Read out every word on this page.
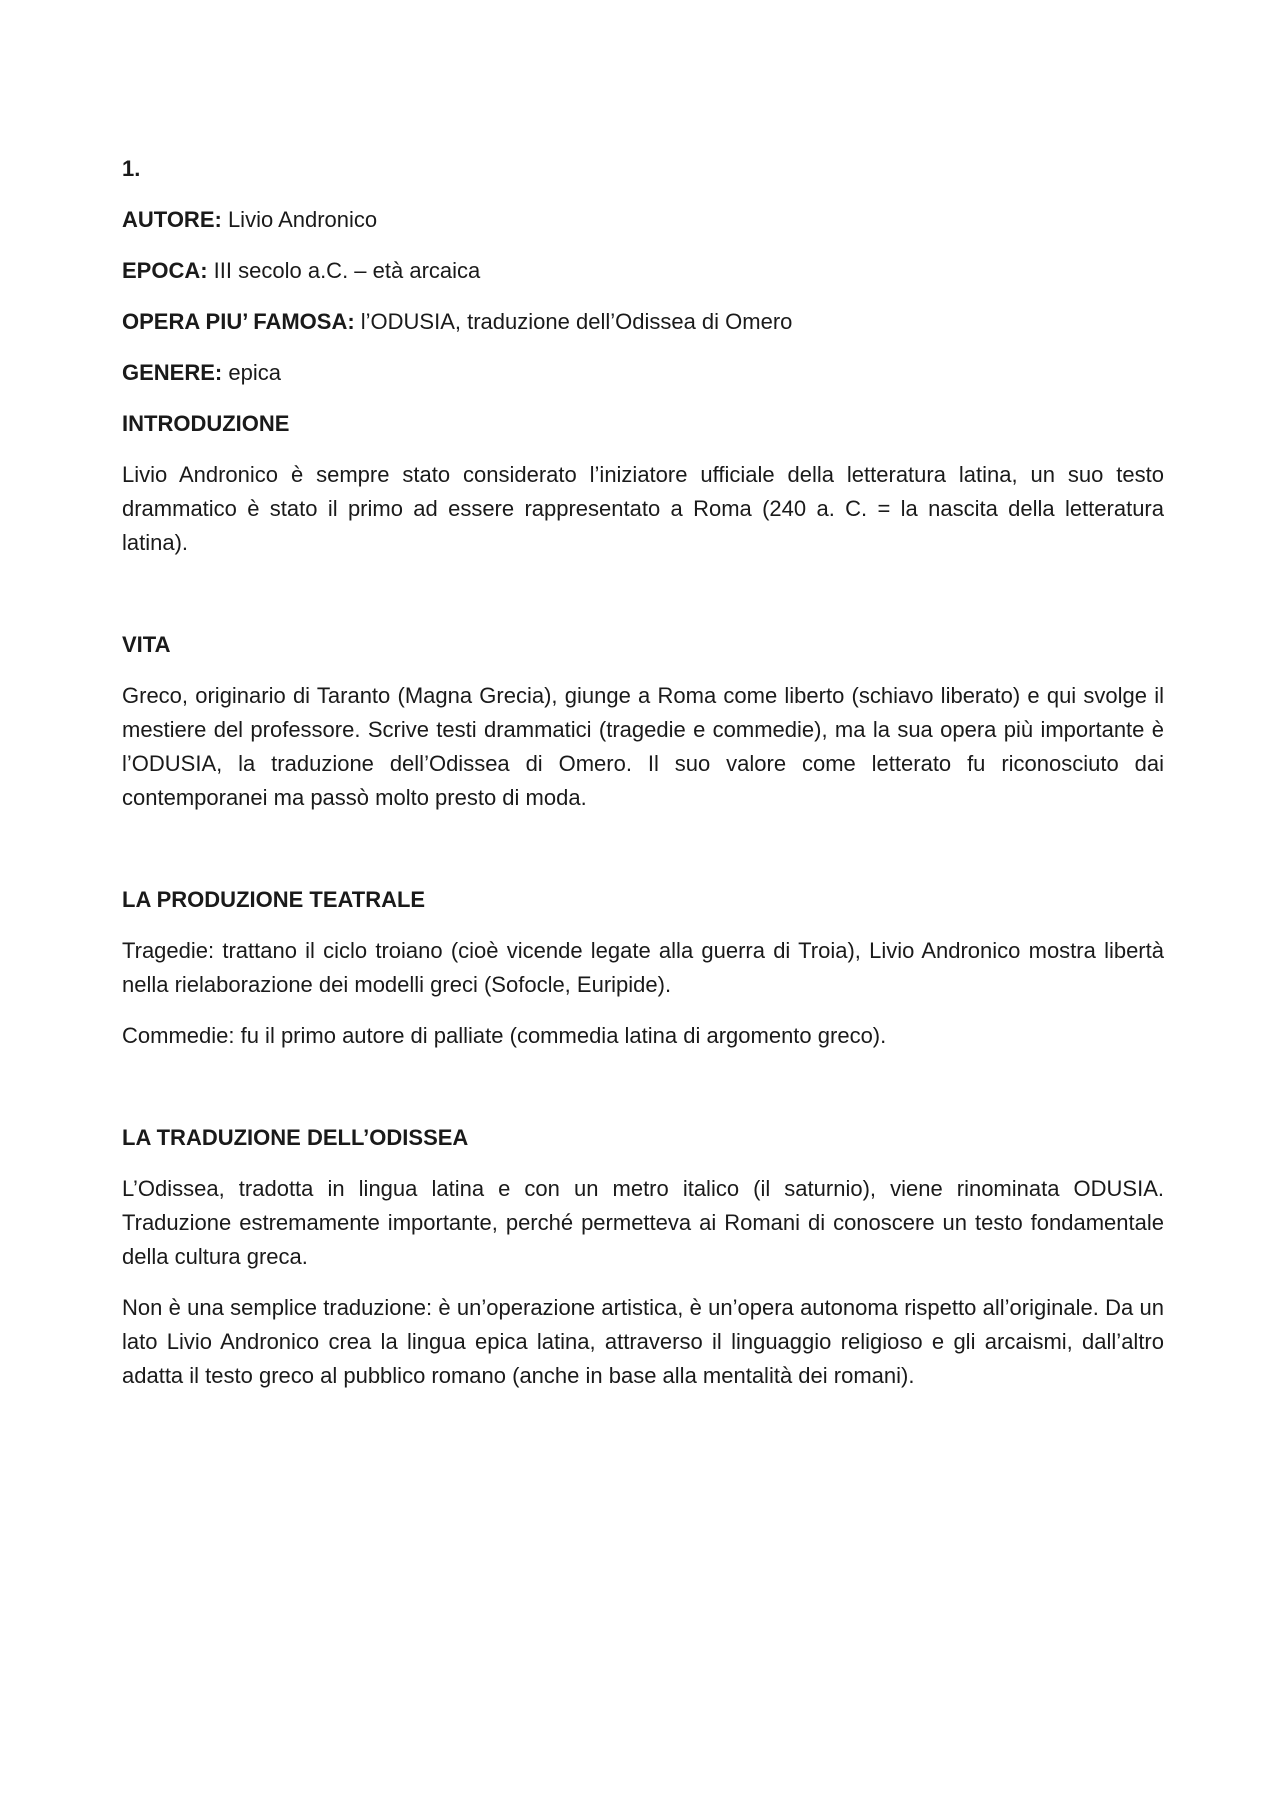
1.

AUTORE: Livio Andronico

EPOCA: III secolo a.C. – età arcaica

OPERA PIU’ FAMOSA: l’ODUSIA, traduzione dell’Odissea di Omero

GENERE: epica

INTRODUZIONE

Livio Andronico è sempre stato considerato l’iniziatore ufficiale della letteratura latina, un suo testo drammatico è stato il primo ad essere rappresentato a Roma (240 a. C. = la nascita della letteratura latina).

VITA

Greco, originario di Taranto (Magna Grecia), giunge a Roma come liberto (schiavo liberato) e qui svolge il mestiere del professore. Scrive testi drammatici (tragedie e commedie), ma la sua opera più importante è l’ODUSIA, la traduzione dell’Odissea di Omero. Il suo valore come letterato fu riconosciuto dai contemporanei ma passò molto presto di moda.

LA PRODUZIONE TEATRALE

Tragedie: trattano il ciclo troiano (cioè vicende legate alla guerra di Troia), Livio Andronico mostra libertà nella rielaborazione dei modelli greci (Sofocle, Euripide).

Commedie: fu il primo autore di palliate (commedia latina di argomento greco).

LA TRADUZIONE DELL’ODISSEA

L’Odissea, tradotta in lingua latina e con un metro italico (il saturnio), viene rinominata ODUSIA. Traduzione estremamente importante, perché permetteva ai Romani di conoscere un testo fondamentale della cultura greca.

Non è una semplice traduzione: è un’operazione artistica, è un’opera autonoma rispetto all’originale. Da un lato Livio Andronico crea la lingua epica latina, attraverso il linguaggio religioso e gli arcaismi, dall’altro adatta il testo greco al pubblico romano (anche in base alla mentalità dei romani).
